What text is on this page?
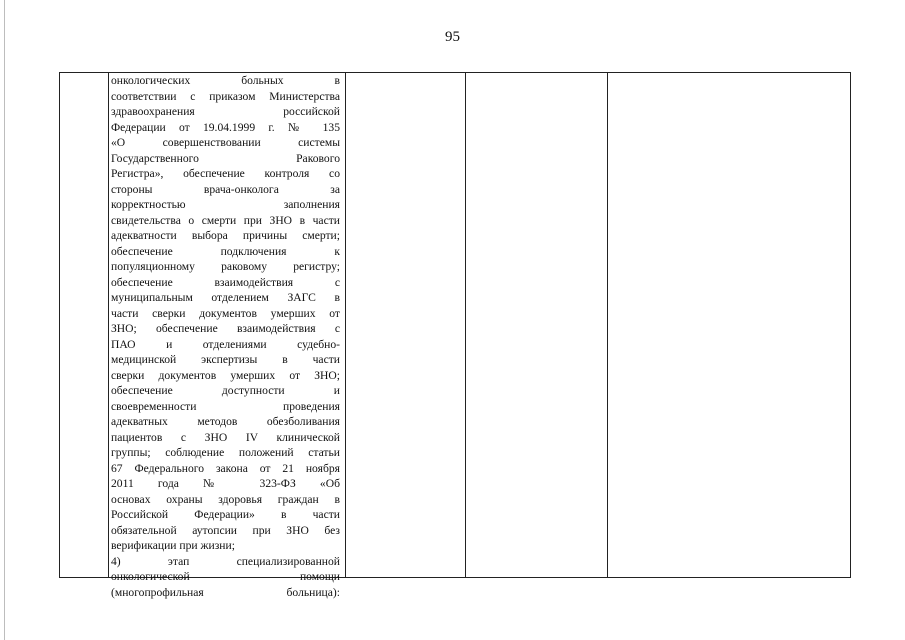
95
онкологических больных в
соответствии с приказом Министерства
здравоохранения российской
Федерации от 19.04.1999 г. № 135
«О совершенствовании системы
Государственного Ракового
Регистра», обеспечение контроля со
стороны врача-онколога за
корректностью заполнения
свидетельства о смерти при ЗНО в части
адекватности выбора причины смерти;
обеспечение подключения к
популяционному раковому регистру;
обеспечение взаимодействия с
муниципальным отделением ЗАГС в
части сверки документов умерших от
ЗНО; обеспечение взаимодействия с
ПАО и отделениями судебно-
медицинской экспертизы в части
сверки документов умерших от ЗНО;
обеспечение доступности и
своевременности проведения
адекватных методов обезболивания
пациентов с ЗНО IV клинической
группы; соблюдение положений статьи
67 Федерального закона от 21 ноября
2011 года № 323-ФЗ «Об
основах охраны здоровья граждан в
Российской Федерации» в части
обязательной аутопсии при ЗНО без
верификации при жизни;
4) этап специализированной
онкологической помощи
(многопрофильная больница):
